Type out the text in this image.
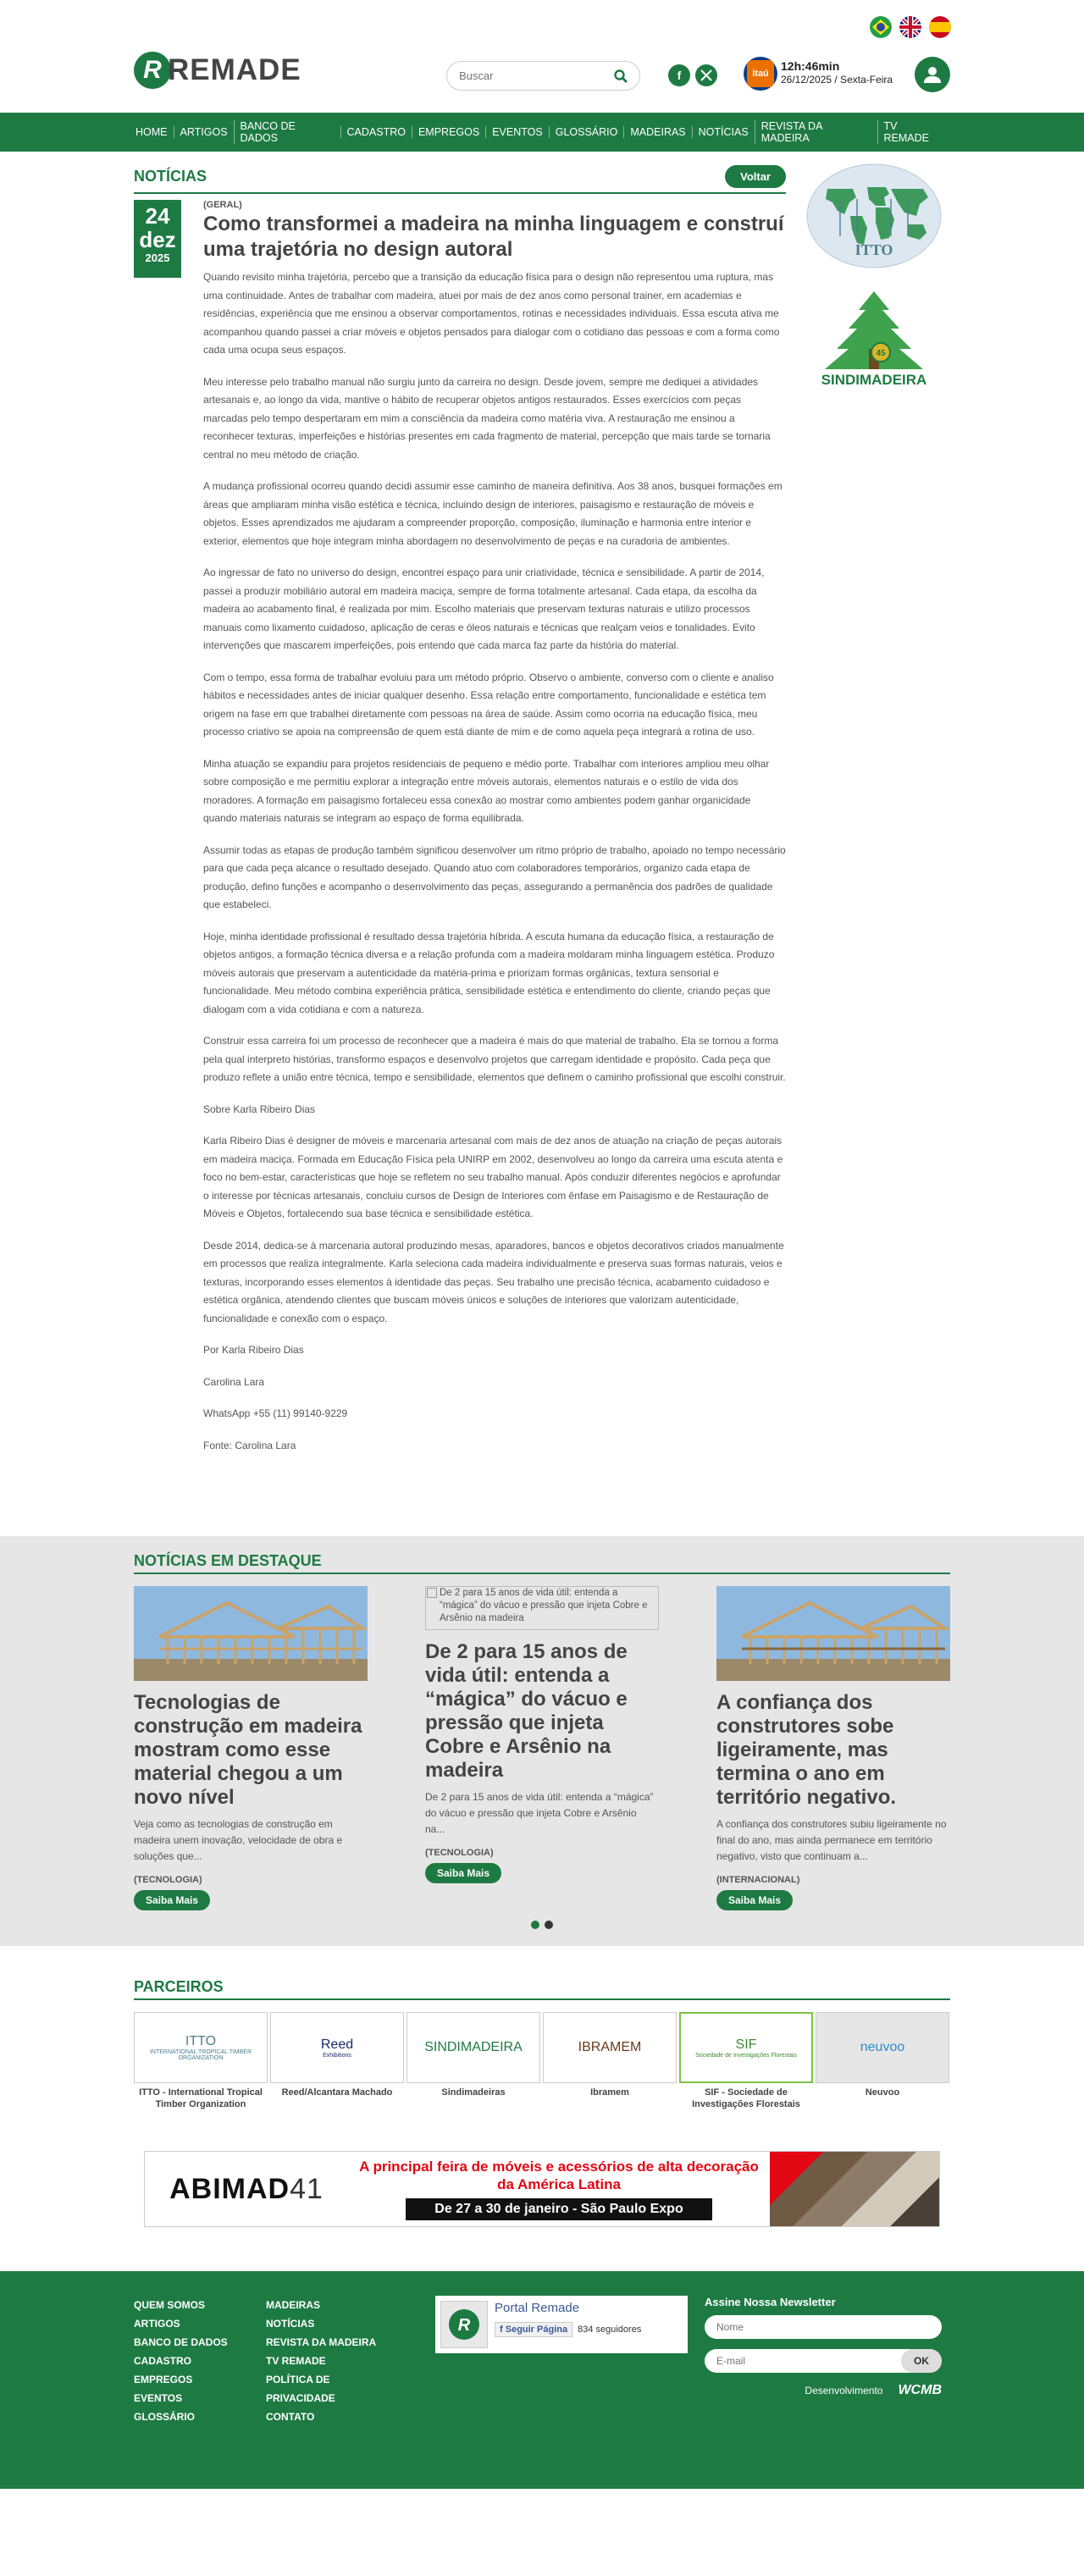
R REMADE
Buscar	f	itaú
12h:46min
26/12/2025 / Sexta-Feira
HOME	ARTIGOS	BANCO DE DADOS	CADASTRO	EMPREGOS	EVENTOS	GLOSSÁRIO	MADEIRAS	NOTÍCIAS	REVISTA DA MADEIRA
TV REMADE
NOTÍCIAS	Voltar
24
dez
2025
(GERAL)
Como transformei a madeira na minha linguagem e construí uma trajetória no design autoral

Quando revisito minha trajetória, percebo que a transição da educação física para o design não representou uma ruptura, mas uma continuidade. Antes de trabalhar com madeira, atuei por mais de dez anos como personal trainer, em academias e residências, experiência que me ensinou a observar comportamentos, rotinas e necessidades individuais. Essa escuta ativa me acompanhou quando passei a criar móveis e objetos pensados para dialogar com o cotidiano das pessoas e com a forma como cada uma ocupa seus espaços.

Meu interesse pelo trabalho manual não surgiu junto da carreira no design. Desde jovem, sempre me dediquei a atividades artesanais e, ao longo da vida, mantive o hábito de recuperar objetos antigos restaurados. Esses exercícios com peças marcadas pelo tempo despertaram em mim a consciência da madeira como matéria viva. A restauração me ensinou a reconhecer texturas, imperfeições e histórias presentes em cada fragmento de material, percepção que mais tarde se tornaria central no meu método de criação.

A mudança profissional ocorreu quando decidi assumir esse caminho de maneira definitiva. Aos 38 anos, busquei formações em áreas que ampliaram minha visão estética e técnica, incluindo design de interiores, paisagismo e restauração de móveis e objetos. Esses aprendizados me ajudaram a compreender proporção, composição, iluminação e harmonia entre interior e exterior, elementos que hoje integram minha abordagem no desenvolvimento de peças e na curadoria de ambientes.

Ao ingressar de fato no universo do design, encontrei espaço para unir criatividade, técnica e sensibilidade. A partir de 2014, passei a produzir mobiliário autoral em madeira maciça, sempre de forma totalmente artesanal. Cada etapa, da escolha da madeira ao acabamento final, é realizada por mim. Escolho materiais que preservam texturas naturais e utilizo processos manuais como lixamento cuidadoso, aplicação de ceras e óleos naturais e técnicas que realçam veios e tonalidades. Evito intervenções que mascarem imperfeições, pois entendo que cada marca faz parte da história do material.

Com o tempo, essa forma de trabalhar evoluiu para um método próprio. Observo o ambiente, converso com o cliente e analiso hábitos e necessidades antes de iniciar qualquer desenho. Essa relação entre comportamento, funcionalidade e estética tem origem na fase em que trabalhei diretamente com pessoas na área de saúde. Assim como ocorria na educação física, meu processo criativo se apoia na compreensão de quem está diante de mim e de como aquela peça integrará a rotina de uso.

Minha atuação se expandiu para projetos residenciais de pequeno e médio porte. Trabalhar com interiores ampliou meu olhar sobre composição e me permitiu explorar a integração entre móveis autorais, elementos naturais e o estilo de vida dos moradores. A formação em paisagismo fortaleceu essa conexão ao mostrar como ambientes podem ganhar organicidade quando materiais naturais se integram ao espaço de forma equilibrada.

Assumir todas as etapas de produção também significou desenvolver um ritmo próprio de trabalho, apoiado no tempo necessário para que cada peça alcance o resultado desejado. Quando atuo com colaboradores temporários, organizo cada etapa de produção, defino funções e acompanho o desenvolvimento das peças, assegurando a permanência dos padrões de qualidade que estabeleci.

Hoje, minha identidade profissional é resultado dessa trajetória híbrida. A escuta humana da educação física, a restauração de objetos antigos, a formação técnica diversa e a relação profunda com a madeira moldaram minha linguagem estética. Produzo móveis autorais que preservam a autenticidade da matéria-prima e priorizam formas orgânicas, textura sensorial e funcionalidade. Meu método combina experiência prática, sensibilidade estética e entendimento do cliente, criando peças que dialogam com a vida cotidiana e com a natureza.

Construir essa carreira foi um processo de reconhecer que a madeira é mais do que material de trabalho. Ela se tornou a forma pela qual interpreto histórias, transformo espaços e desenvolvo projetos que carregam identidade e propósito. Cada peça que produzo reflete a união entre técnica, tempo e sensibilidade, elementos que definem o caminho profissional que escolhi construir.

Sobre Karla Ribeiro Dias

Karla Ribeiro Dias é designer de móveis e marcenaria artesanal com mais de dez anos de atuação na criação de peças autorais em madeira maciça. Formada em Educação Física pela UNIRP em 2002, desenvolveu ao longo da carreira uma escuta atenta e foco no bem-estar, características que hoje se refletem no seu trabalho manual. Após conduzir diferentes negócios e aprofundar o interesse por técnicas artesanais, concluiu cursos de Design de Interiores com ênfase em Paisagismo e de Restauração de Móveis e Objetos, fortalecendo sua base técnica e sensibilidade estética.

Desde 2014, dedica-se à marcenaria autoral produzindo mesas, aparadores, bancos e objetos decorativos criados manualmente em processos que realiza integralmente. Karla seleciona cada madeira individualmente e preserva suas formas naturais, veios e texturas, incorporando esses elementos à identidade das peças. Seu trabalho une precisão técnica, acabamento cuidadoso e estética orgânica, atendendo clientes que buscam móveis únicos e soluções de interiores que valorizam autenticidade, funcionalidade e conexão com o espaço.

Por Karla Ribeiro Dias

Carolina Lara

WhatsApp +55 (11) 99140-9229

Fonte: Carolina Lara

ITTO
45
SINDIMADEIRA
NOTÍCIAS EM DESTAQUE
Tecnologias de construção em madeira mostram como esse material chegou a um novo nível

Veja como as tecnologias de construção em madeira unem inovação, velocidade de obra e soluções que...

(TECNOLOGIA)
Saiba Mais
De 2 para 15 anos de vida útil: entenda a “mágica” do vácuo e pressão que injeta Cobre e Arsênio na madeira
De 2 para 15 anos de vida útil: entenda a “mágica” do vácuo e pressão que injeta Cobre e Arsênio na madeira

De 2 para 15 anos de vida útil: entenda a “mágica” do vácuo e pressão que injeta Cobre e Arsênio na...

(TECNOLOGIA)
Saiba Mais
A confiança dos construtores sobe ligeiramente, mas termina o ano em território negativo.

A confiança dos construtores subiu ligeiramente no final do ano, mas ainda permanece em território negativo, visto que continuam a...

(INTERNACIONAL)
Saiba Mais
PARCEIROS
ITTO
INTERNATIONAL TROPICAL TIMBER ORGANIZATION
ITTO - International Tropical Timber Organization
Reed
Exhibitions
Reed/Alcantara Machado
SINDIMADEIRA
Sindimadeiras
IBRAMEM
Ibramem
SIF
Sociedade de Investigações Florestais
SIF - Sociedade de Investigações Florestais
neuvoo
Neuvoo
ABIMAD 41
A principal feira de móveis e acessórios de alta decoração da América Latina
De 27 a 30 de janeiro - São Paulo Expo
QUEM SOMOS
ARTIGOS
BANCO DE DADOS
CADASTRO
EMPREGOS
EVENTOS
GLOSSÁRIO
MADEIRAS
NOTÍCIAS
REVISTA DA MADEIRA
TV REMADE
POLÍTICA DE PRIVACIDADE
CONTATO
R
Portal Remade
f Seguir Página	834 seguidores
Assine Nossa Newsletter
Nome
E-mail
OK
Desenvolvimento WCMB
